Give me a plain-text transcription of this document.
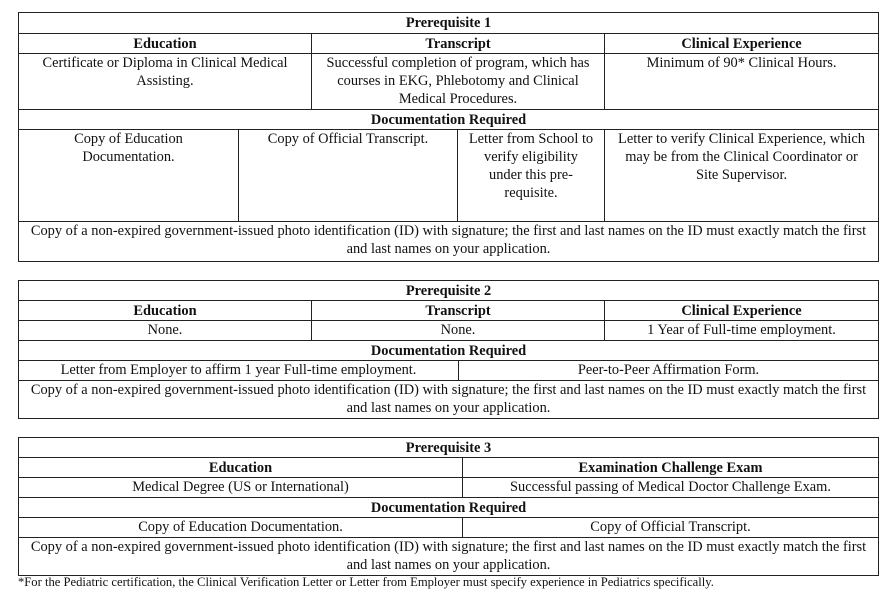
Prerequisite 1				
Education		Transcript		Clinical Experience
Certificate or Diploma in Clinical Medical Assisting.		Successful completion of program, which has courses in EKG, Phlebotomy and Clinical Medical Procedures.		Minimum of 90* Clinical Hours.
Documentation Required				
Copy of Education Documentation.	Copy of Official Transcript.		Letter from School to verify eligibility under this pre-requisite.	Letter to verify Clinical Experience, which may be from the Clinical Coordinator or Site Supervisor.
Copy of a non-expired government-issued photo identification (ID) with signature; the first and last names on the ID must exactly match the first and last names on your application.				
Prerequisite 2			
Education	Transcript		Clinical Experience
None.	None.		1 Year of Full-time employment.
Documentation Required			
Letter from Employer to affirm 1 year Full-time employment.		Peer-to-Peer Affirmation Form.	
Copy of a non-expired government-issued photo identification (ID) with signature; the first and last names on the ID must exactly match the first and last names on your application.			
Prerequisite 3	
Education	Examination Challenge Exam
Medical Degree (US or International)	Successful passing of Medical Doctor Challenge Exam.
Documentation Required	
Copy of Education Documentation.	Copy of Official Transcript.
Copy of a non-expired government-issued photo identification (ID) with signature; the first and last names on the ID must exactly match the first and last names on your application.	
*For the Pediatric certification, the Clinical Verification Letter or Letter from Employer must specify experience in Pediatrics specifically.
